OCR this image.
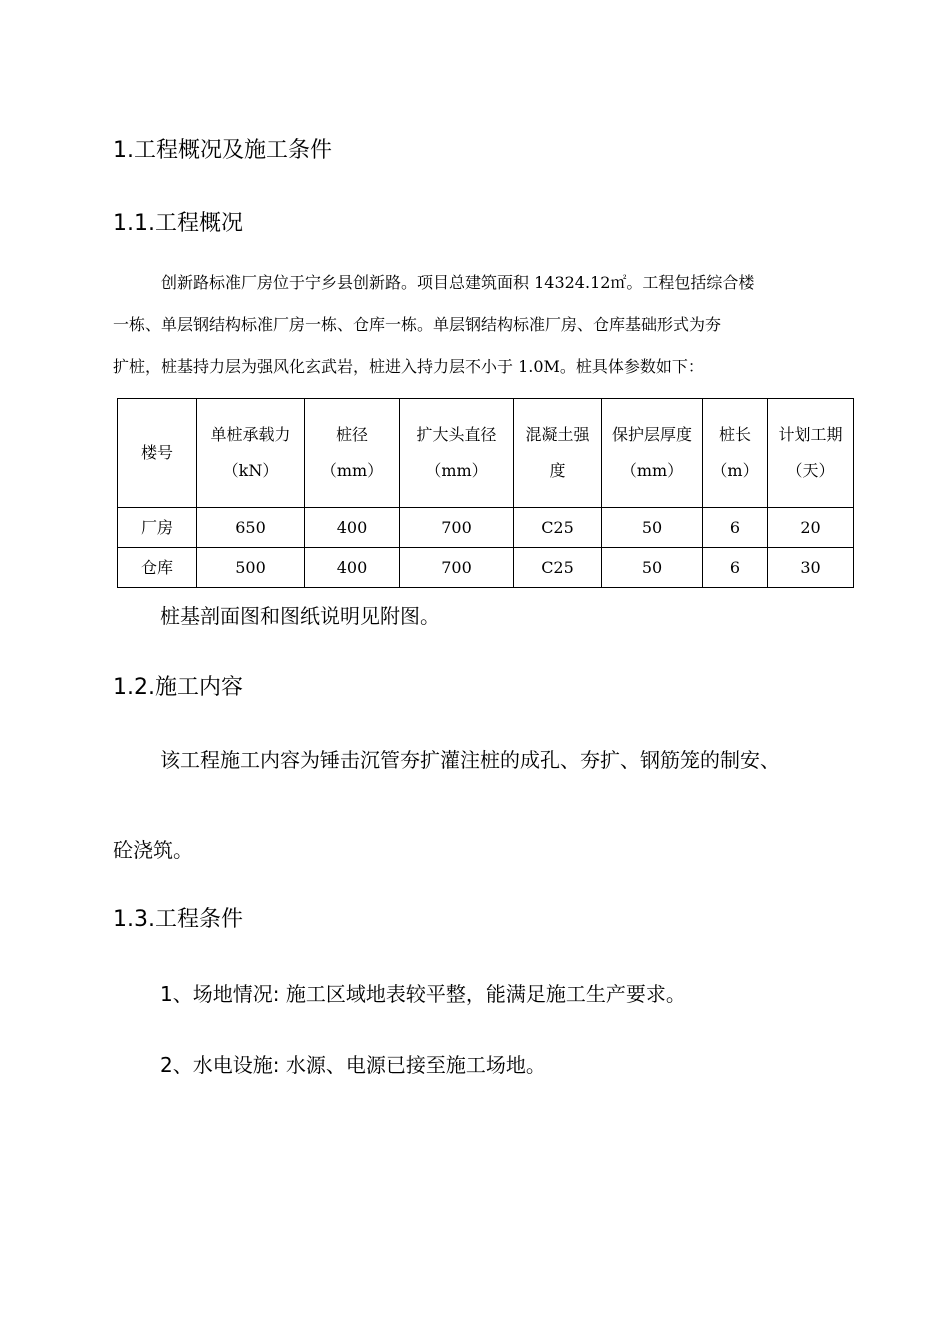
1.工程概况及施工条件
1.1.工程概况
创新路标准厂房位于宁乡县创新路。项目总建筑面积 14324.12㎡。工程包括综合楼
一栋、单层钢结构标准厂房一栋、仓库一栋。单层钢结构标准厂房、仓库基础形式为夯
扩桩，桩基持力层为强风化玄武岩，桩进入持力层不小于 1.0M。桩具体参数如下：
楼号	单桩承载力（kN）	桩径（mm）	扩大头直径（mm）	混凝土强度	保护层厚度（mm）	桩长（m）	计划工期（天）
厂房	650	400	700	C25	50	6	20
仓库	500	400	700	C25	50	6	30

桩基剖面图和图纸说明见附图。

1.2.施工内容

该工程施工内容为锤击沉管夯扩灌注桩的成孔、夯扩、钢筋笼的制安、

砼浇筑。

1.3.工程条件

1、场地情况: 施工区域地表较平整，能满足施工生产要求。

2、水电设施: 水源、电源已接至施工场地。
